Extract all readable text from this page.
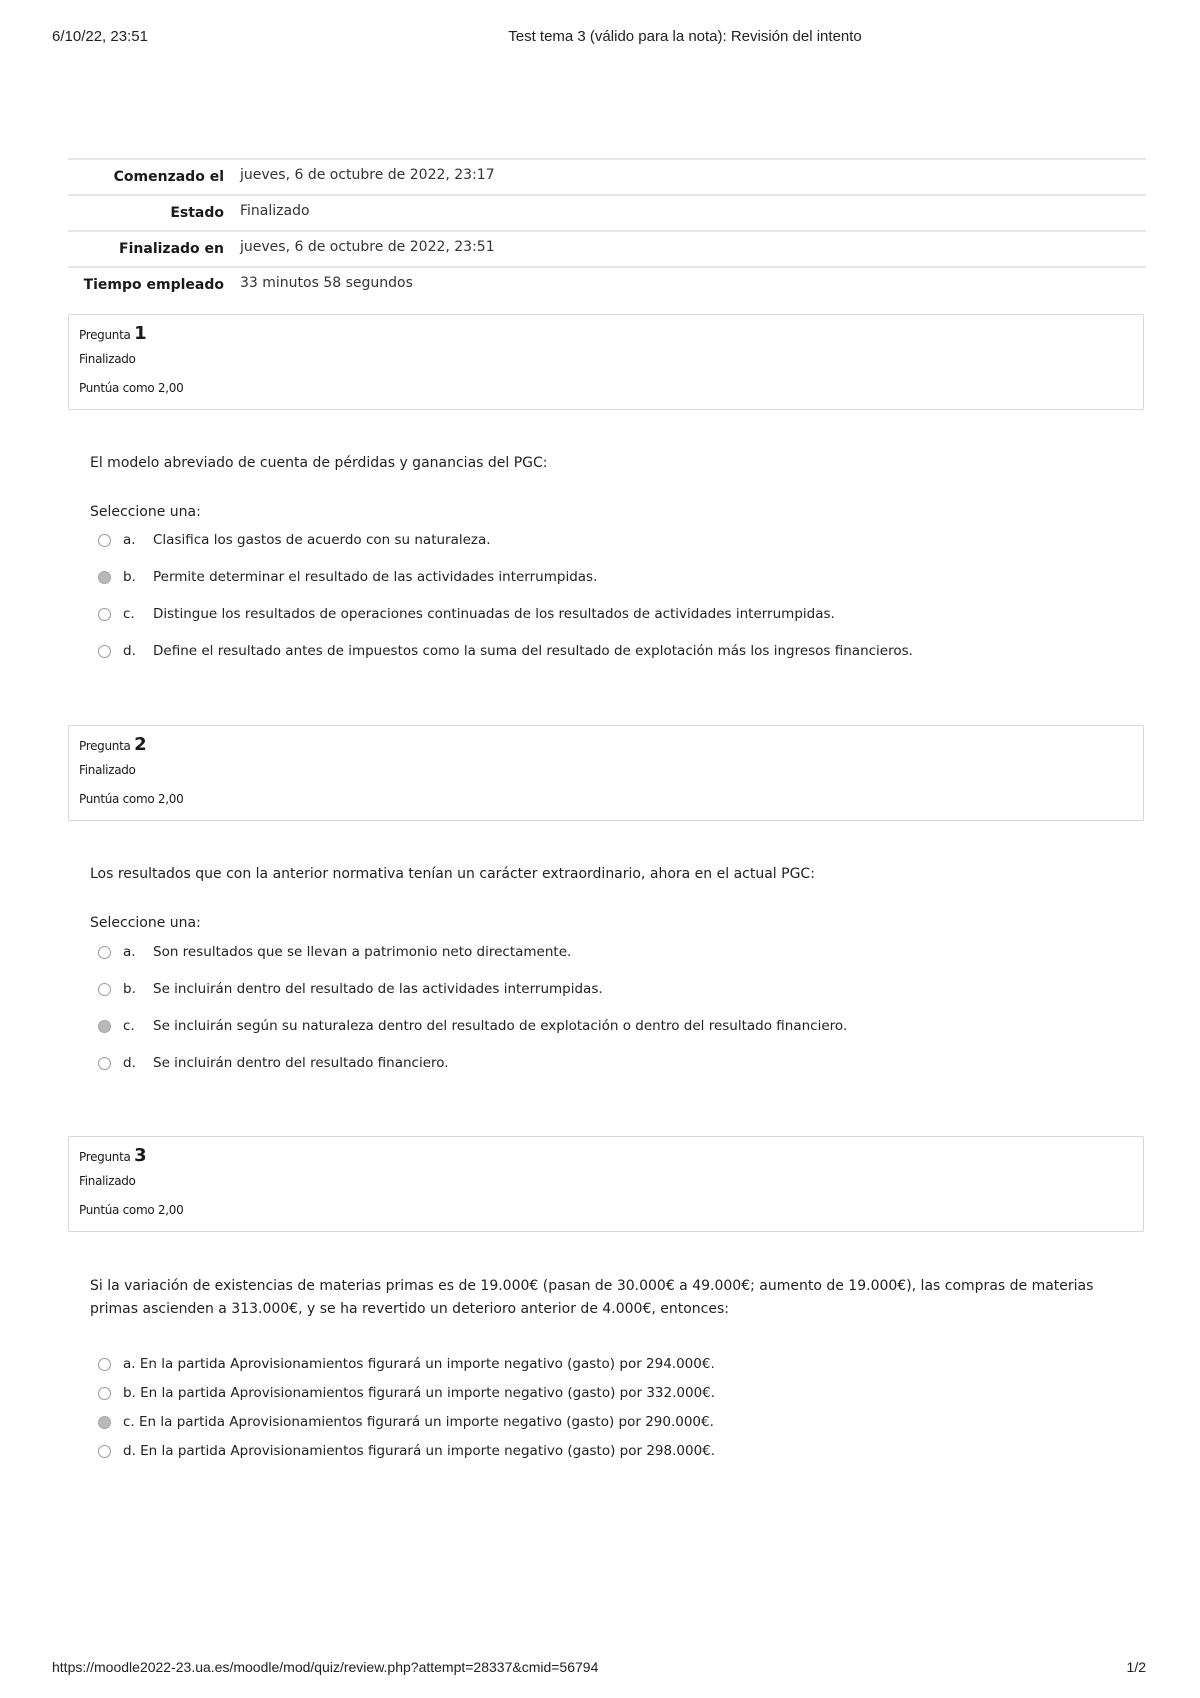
6/10/22, 23:51	Test tema 3 (válido para la nota): Revisión del intento
Comenzado el	jueves, 6 de octubre de 2022, 23:17
Estado	Finalizado
Finalizado en	jueves, 6 de octubre de 2022, 23:51
Tiempo empleado	33 minutos 58 segundos
Pregunta 1
Finalizado
Puntúa como 2,00
El modelo abreviado de cuenta de pérdidas y ganancias del PGC:
Seleccione una:
a. Clasifica los gastos de acuerdo con su naturaleza.
b. Permite determinar el resultado de las actividades interrumpidas.
c. Distingue los resultados de operaciones continuadas de los resultados de actividades interrumpidas.
d. Define el resultado antes de impuestos como la suma del resultado de explotación más los ingresos financieros.
Pregunta 2
Finalizado
Puntúa como 2,00
Los resultados que con la anterior normativa tenían un carácter extraordinario, ahora en el actual PGC:
Seleccione una:
a. Son resultados que se llevan a patrimonio neto directamente.
b. Se incluirán dentro del resultado de las actividades interrumpidas.
c. Se incluirán según su naturaleza dentro del resultado de explotación o dentro del resultado financiero.
d. Se incluirán dentro del resultado financiero.
Pregunta 3
Finalizado
Puntúa como 2,00
Si la variación de existencias de materias primas es de 19.000€ (pasan de 30.000€ a 49.000€; aumento de 19.000€), las compras de materias primas ascienden a 313.000€, y se ha revertido un deterioro anterior de 4.000€, entonces:
a. En la partida Aprovisionamientos figurará un importe negativo (gasto) por 294.000€.
b. En la partida Aprovisionamientos figurará un importe negativo (gasto) por 332.000€.
c. En la partida Aprovisionamientos figurará un importe negativo (gasto) por 290.000€.
d. En la partida Aprovisionamientos figurará un importe negativo (gasto) por 298.000€.
https://moodle2022-23.ua.es/moodle/mod/quiz/review.php?attempt=28337&cmid=56794	1/2
